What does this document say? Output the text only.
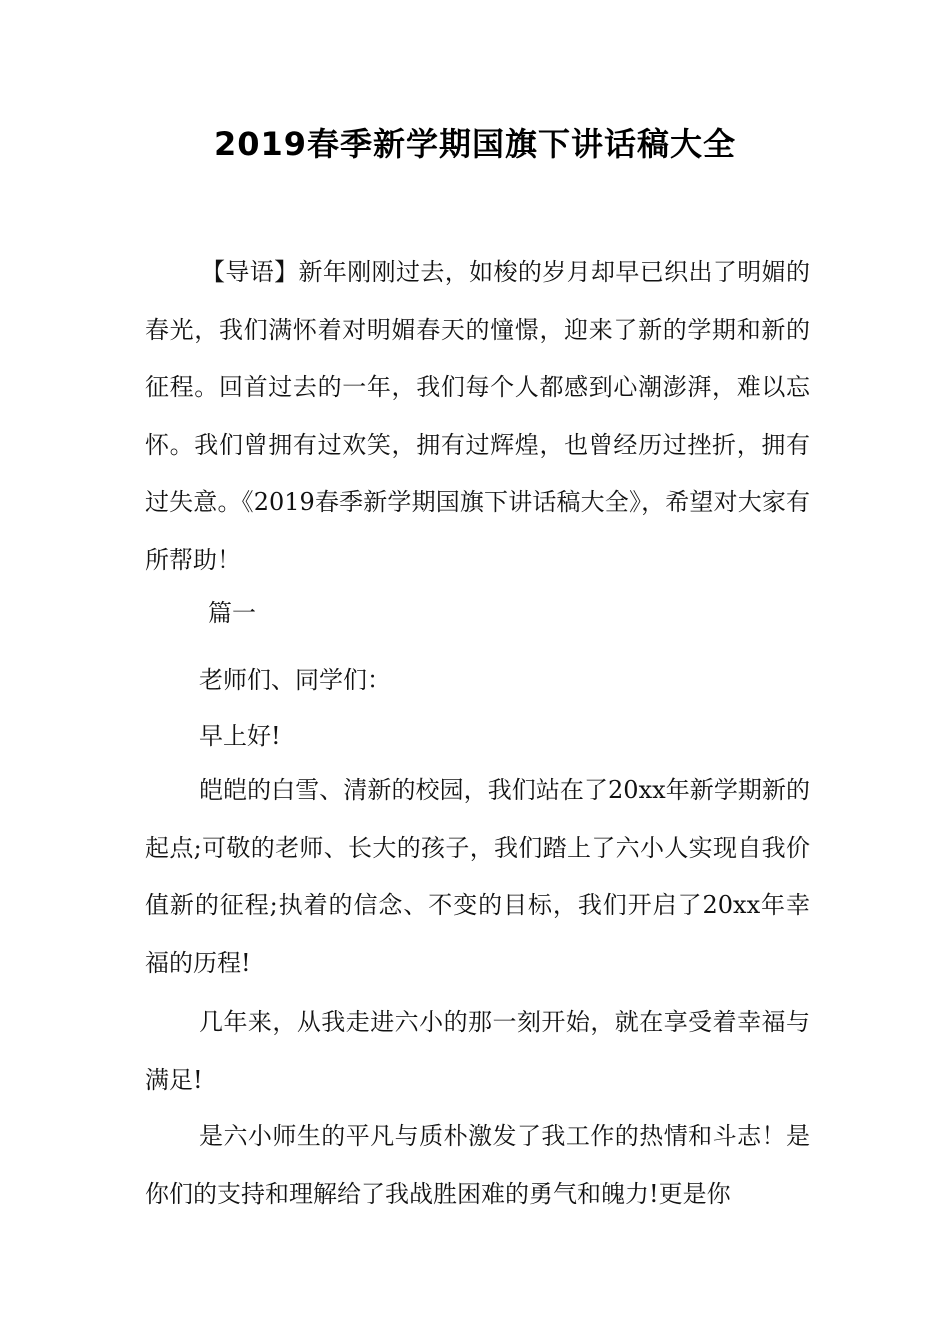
2019春季新学期国旗下讲话稿大全

【导语】新年刚刚过去，如梭的岁月却早已织出了明媚的春光，我们满怀着对明媚春天的憧憬，迎来了新的学期和新的征程。回首过去的一年，我们每个人都感到心潮澎湃，难以忘怀。我们曾拥有过欢笑，拥有过辉煌，也曾经历过挫折，拥有过失意。《2019春季新学期国旗下讲话稿大全》，希望对大家有所帮助！

篇一

老师们、同学们：

早上好!

皑皑的白雪、清新的校园，我们站在了20xx年新学期新的起点;可敬的老师、长大的孩子，我们踏上了六小人实现自我价值新的征程;执着的信念、不变的目标，我们开启了20xx年幸福的历程!

几年来，从我走进六小的那一刻开始，就在享受着幸福与满足!

是六小师生的平凡与质朴激发了我工作的热情和斗志！是你们的支持和理解给了我战胜困难的勇气和魄力!更是你
